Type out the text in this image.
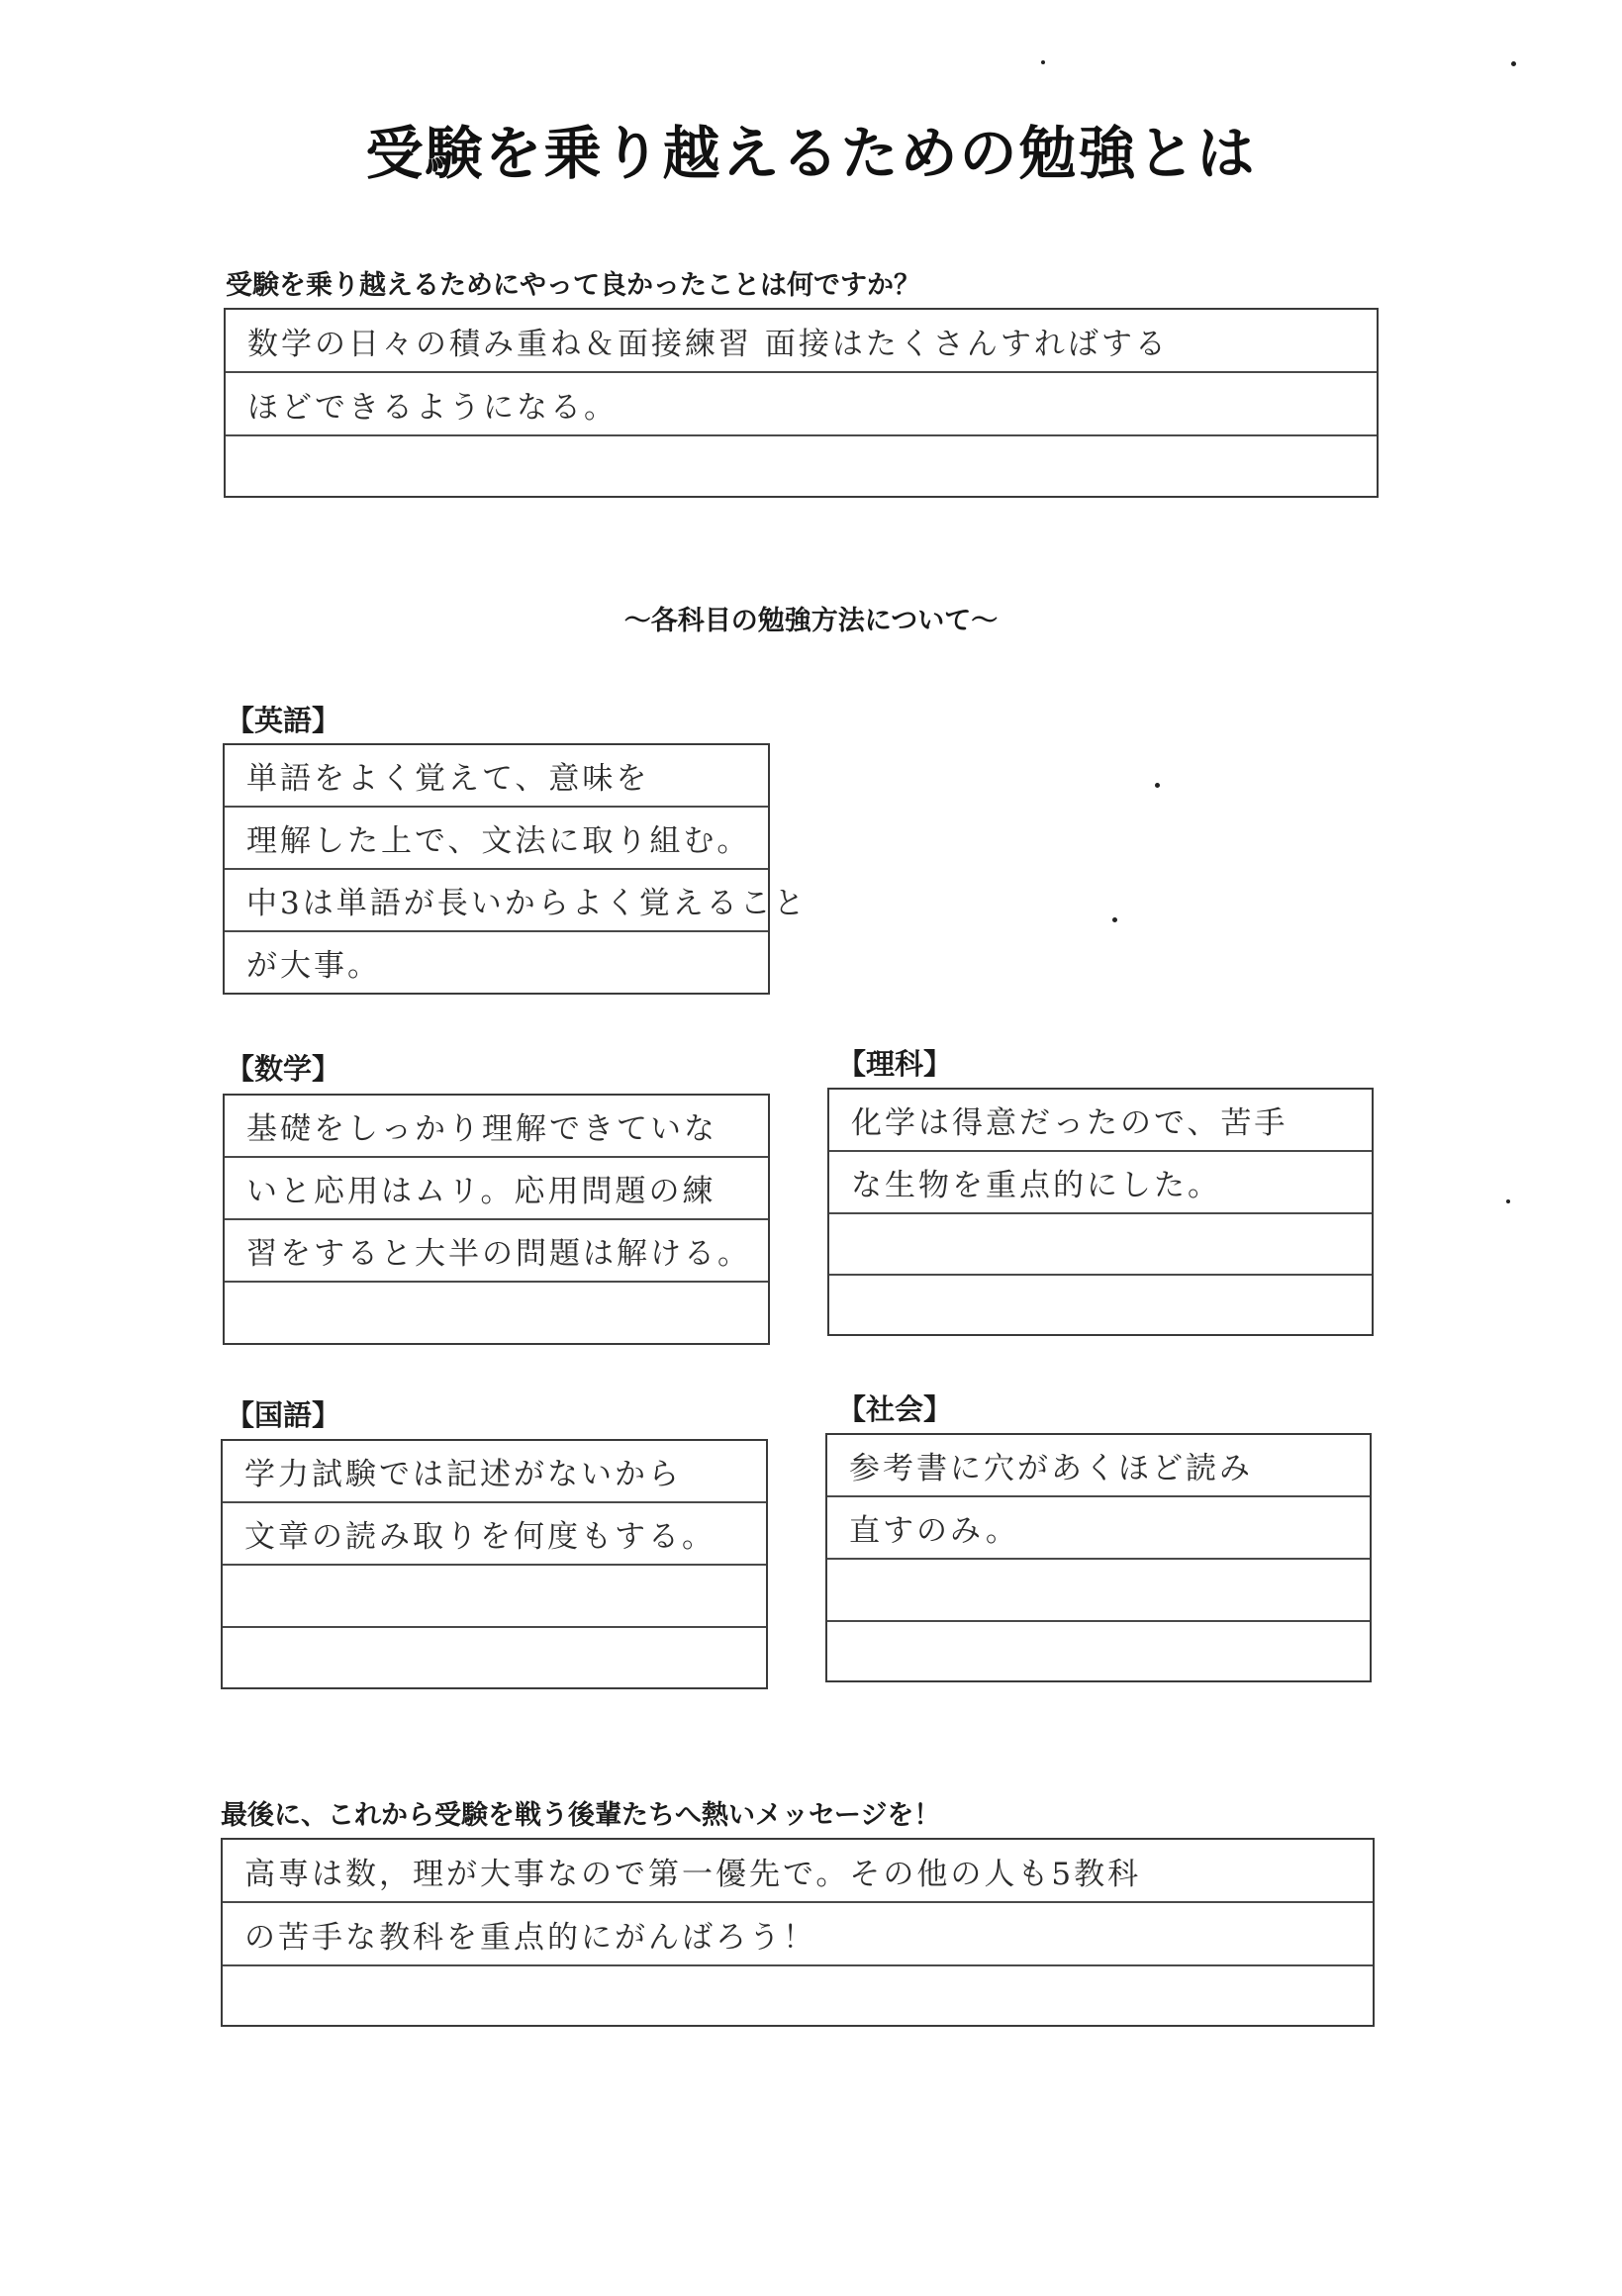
受験を乗り越えるための勉強とは
受験を乗り越えるためにやって良かったことは何ですか？
数学の日々の積み重ね＆面接練習 面接はたくさんすればする
ほどできるようになる。
～各科目の勉強方法について～
【英語】
単語をよく覚えて、意味を
理解した上で、文法に取り組む。
中3は単語が長いからよく覚えること
が大事。
【数学】
基礎をしっかり理解できていな
いと応用はムリ。応用問題の練
習をすると大半の問題は解ける。
【理科】
化学は得意だったので、苦手
な生物を重点的にした。
【国語】
学力試験では記述がないから
文章の読み取りを何度もする。
【社会】
参考書に穴があくほど読み
直すのみ。
最後に、これから受験を戦う後輩たちへ熱いメッセージを！
高専は数，理が大事なので第一優先で。その他の人も5教科
の苦手な教科を重点的にがんばろう！
